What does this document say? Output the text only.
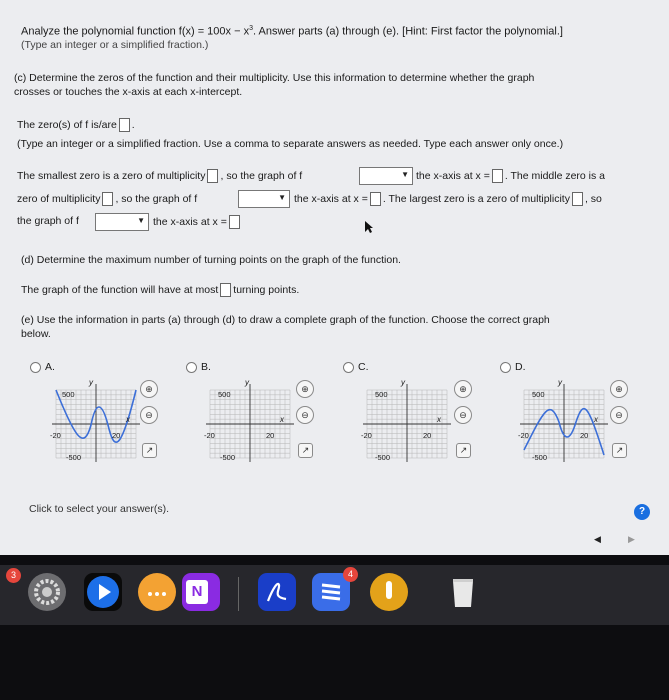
Analyze the polynomial function $f(x) = 100x - x^3$. Answer parts (a) through (e). [Hint: First factor the polynomial.]
(Type an integer or a simplified fraction.)
(c) Determine the zeros of the function and their multiplicity. Use this information to determine whether the graph
crosses or touches the x-axis at each x-intercept.
The zero(s) of f is/are .
(Type an integer or a simplified fraction. Use a comma to separate answers as needed. Type each answer only once.)
The smallest zero is a zero of multiplicity , so the graph of f	▼ the x-axis at x = . The middle zero is a
zero of multiplicity , so the graph of f	▼ the x-axis at x = . The largest zero is a zero of multiplicity , so
the graph of f	▼ the x-axis at x =
(d) Determine the maximum number of turning points on the graph of the function.
The graph of the function will have at most turning points.
(e) Use the information in parts (a) through (d) to draw a complete graph of the function. Choose the correct graph
below.
A.	B.	C.	D.
500
-500
-20	20
y
x
⊕
⊖
↗
500
-500
-20	20
y
x
⊕
⊖
↗
500
-500
-20	20
y
x
⊕
⊖
↗
500
-500
-20	20
y
x
⊕
⊖
↗
Click to select your answer(s).	?
◀	▶
3
N
4
